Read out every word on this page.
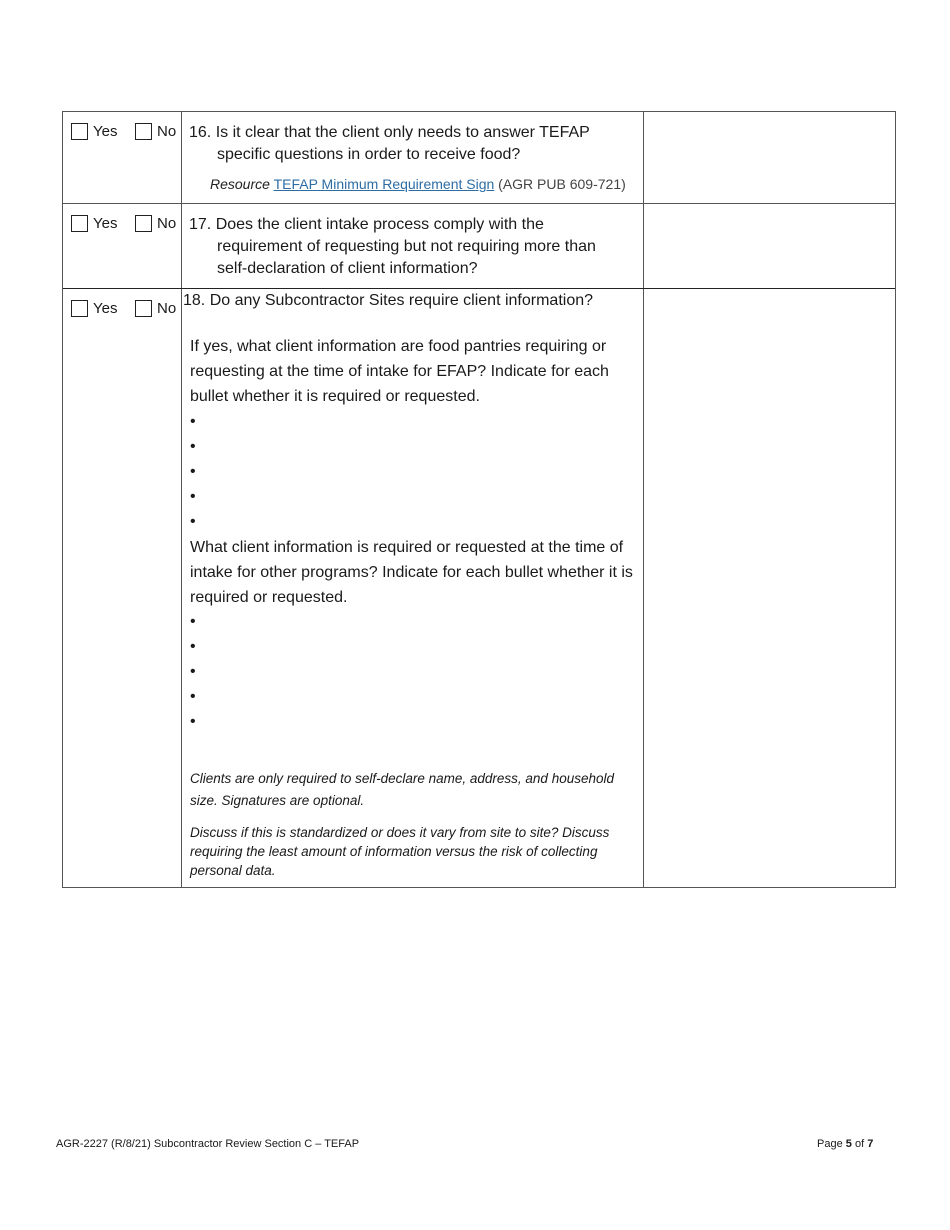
Yes	No 16. Is it clear that the client only needs to answer TEFAP
specific questions in order to receive food?
Resource TEFAP Minimum Requirement Sign (AGR PUB 609-721)
Yes	No 17. Does the client intake process comply with the
requirement of requesting but not requiring more than
self-declaration of client information?
Yes	No 18. Do any Subcontractor Sites require client information?
If yes, what client information are food pantries requiring or requesting at the time of intake for EFAP? Indicate for each bullet whether it is required or requested.
•
•
•
•
•
What client information is required or requested at the time of intake for other programs? Indicate for each bullet whether it is required or requested.
•
•
•
•
•
Clients are only required to self-declare name, address, and household size. Signatures are optional.
Discuss if this is standardized or does it vary from site to site? Discuss requiring the least amount of information versus the risk of collecting personal data.
AGR-2227 (R/8/21) Subcontractor Review Section C – TEFAP	Page 5 of 7
